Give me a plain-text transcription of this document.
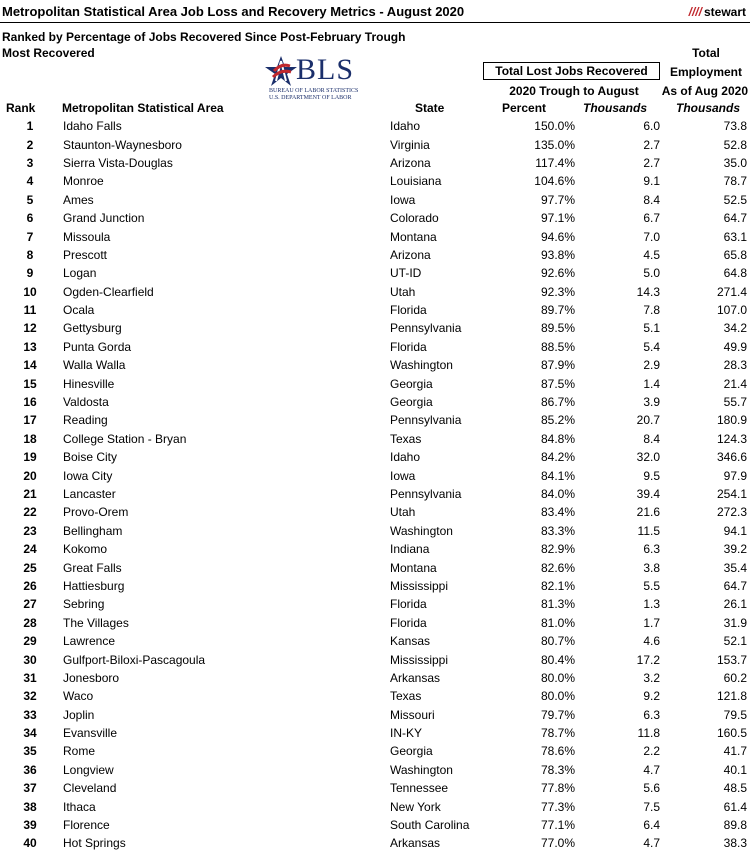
Metropolitan Statistical Area Job Loss and Recovery Metrics - August 2020	//// stewart
Ranked by Percentage of Jobs Recovered Since Post-February Trough
Most Recovered	BLS
BUREAU OF LABOR STATISTICS
U.S. DEPARTMENT OF LABOR
Total Lost Jobs Recovered
Total
Employment
2020 Trough to August	As of Aug 2020
Rank Metropolitan Statistical Area	State	Percent	Thousands Thousands
1	Idaho Falls	Idaho	150.0%	6.0	73.8
2	Staunton-Waynesboro	Virginia	135.0%	2.7	52.8
3	Sierra Vista-Douglas	Arizona	117.4%	2.7	35.0
4	Monroe	Louisiana	104.6%	9.1	78.7
5	Ames	Iowa	97.7%	8.4	52.5
6	Grand Junction	Colorado	97.1%	6.7	64.7
7	Missoula	Montana	94.6%	7.0	63.1
8	Prescott	Arizona	93.8%	4.5	65.8
9	Logan	UT-ID	92.6%	5.0	64.8
10	Ogden-Clearfield	Utah	92.3%	14.3	271.4
11	Ocala	Florida	89.7%	7.8	107.0
12	Gettysburg	Pennsylvania	89.5%	5.1	34.2
13	Punta Gorda	Florida	88.5%	5.4	49.9
14	Walla Walla	Washington	87.9%	2.9	28.3
15	Hinesville	Georgia	87.5%	1.4	21.4
16	Valdosta	Georgia	86.7%	3.9	55.7
17	Reading	Pennsylvania	85.2%	20.7	180.9
18	College Station - Bryan	Texas	84.8%	8.4	124.3
19	Boise City	Idaho	84.2%	32.0	346.6
20	Iowa City	Iowa	84.1%	9.5	97.9
21	Lancaster	Pennsylvania	84.0%	39.4	254.1
22	Provo-Orem	Utah	83.4%	21.6	272.3
23	Bellingham	Washington	83.3%	11.5	94.1
24	Kokomo	Indiana	82.9%	6.3	39.2
25	Great Falls	Montana	82.6%	3.8	35.4
26	Hattiesburg	Mississippi	82.1%	5.5	64.7
27	Sebring	Florida	81.3%	1.3	26.1
28	The Villages	Florida	81.0%	1.7	31.9
29	Lawrence	Kansas	80.7%	4.6	52.1
30	Gulfport-Biloxi-Pascagoula	Mississippi	80.4%	17.2	153.7
31	Jonesboro	Arkansas	80.0%	3.2	60.2
32	Waco	Texas	80.0%	9.2	121.8
33	Joplin	Missouri	79.7%	6.3	79.5
34	Evansville	IN-KY	78.7%	11.8	160.5
35	Rome	Georgia	78.6%	2.2	41.7
36	Longview	Washington	78.3%	4.7	40.1
37	Cleveland	Tennessee	77.8%	5.6	48.5
38	Ithaca	New York	77.3%	7.5	61.4
39	Florence	South Carolina	77.1%	6.4	89.8
40	Hot Springs	Arkansas	77.0%	4.7	38.3
